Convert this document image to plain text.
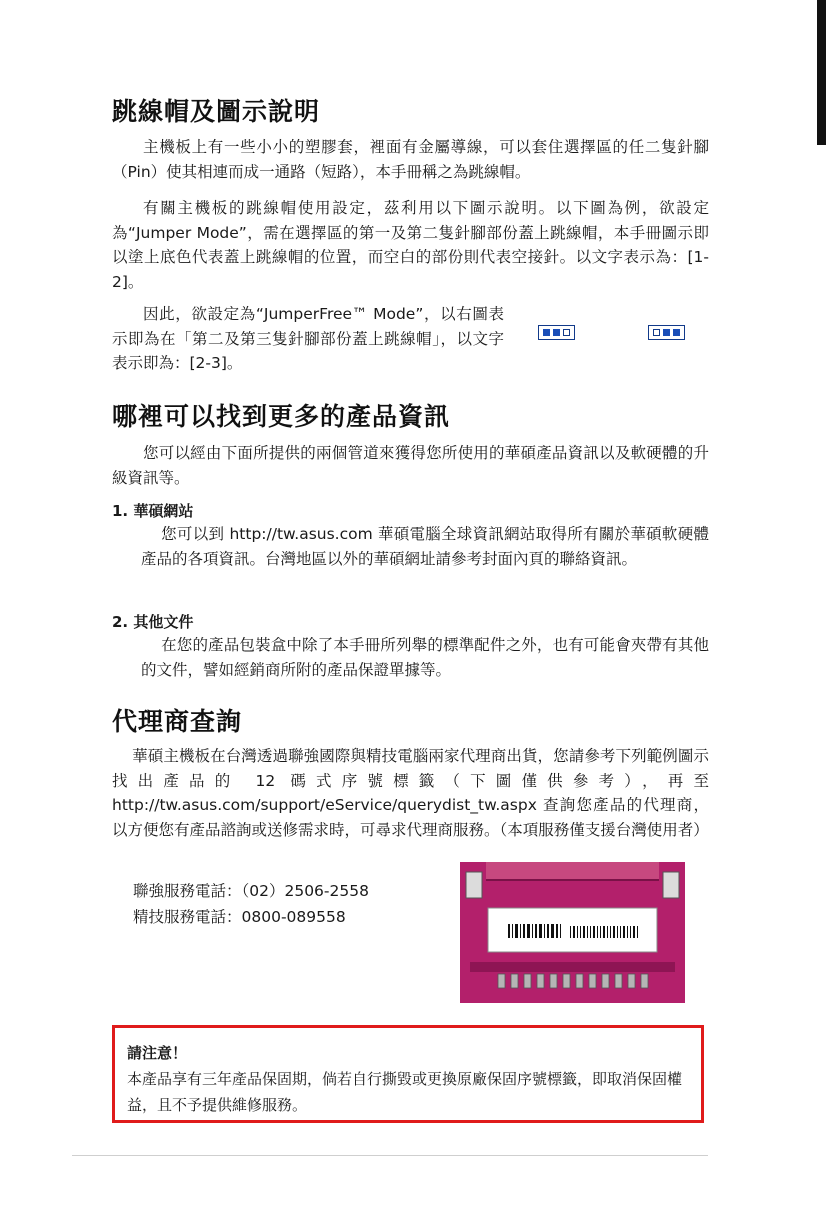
跳線帽及圖示說明

主機板上有一些小小的塑膠套，裡面有金屬導線，可以套住選擇區的任二隻針腳（Pin）使其相連而成一通路（短路），本手冊稱之為跳線帽。

有關主機板的跳線帽使用設定，茲利用以下圖示說明。以下圖為例，欲設定為“Jumper Mode”，需在選擇區的第一及第二隻針腳部份蓋上跳線帽，本手冊圖示即以塗上底色代表蓋上跳線帽的位置，而空白的部份則代表空接針。以文字表示為：[1-2]。

因此，欲設定為“JumperFree™ Mode”，以右圖表示即為在「第二及第三隻針腳部份蓋上跳線帽」，以文字表示即為：[2-3]。

哪裡可以找到更多的產品資訊

您可以經由下面所提供的兩個管道來獲得您所使用的華碩產品資訊以及軟硬體的升級資訊等。

1. 華碩網站

您可以到 http://tw.asus.com 華碩電腦全球資訊網站取得所有關於華碩軟硬體產品的各項資訊。台灣地區以外的華碩網址請參考封面內頁的聯絡資訊。

2. 其他文件

在您的產品包裝盒中除了本手冊所列舉的標準配件之外，也有可能會夾帶有其他的文件，譬如經銷商所附的產品保證單據等。

代理商查詢

華碩主機板在台灣透過聯強國際與精技電腦兩家代理商出貨，您請參考下列範例圖示找出產品的 12 碼式序號標籤（下圖僅供參考），再至 http://tw.asus.com/support/eService/querydist_tw.aspx 查詢您產品的代理商，以方便您有產品諮詢或送修需求時，可尋求代理商服務。（本項服務僅支援台灣使用者）

聯強服務電話：（02）2506-2558

精技服務電話：0800-089558

請注意！

本產品享有三年產品保固期，倘若自行撕毀或更換原廠保固序號標籤，即取消保固權益，且不予提供維修服務。
